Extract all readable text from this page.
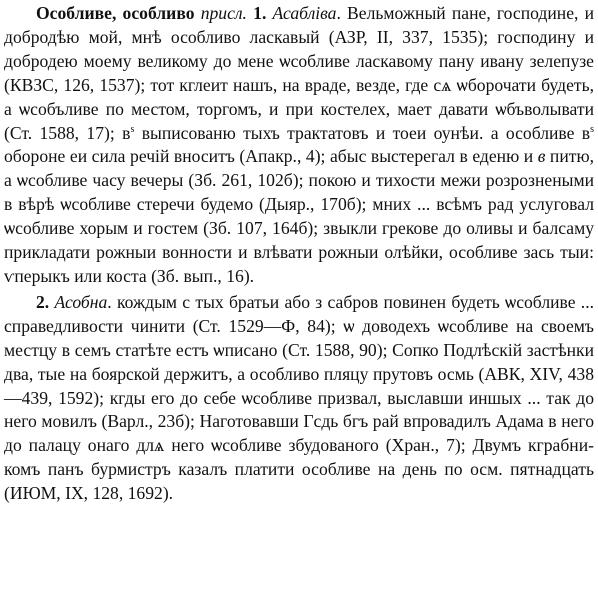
Особливе, особливо присл. 1. Асабліва. Вельможный пане, господине, и добродѣю мой, мнѣ особливо ласкавый (АЗР, II, 337, 1535); господину и добродею моему великому до мене ѡсобливе ласкавому пану ивану зелепузе (КВЗС, 126, 1537); тот кглеит нашъ, на враде, везде, где сѧ ѡборочати будеть, а ѡсобъливе по местом, торгомъ, и при костелех, мает давати ѡбъволывати (Ст. 1588, 17); $в^s$ выписованю тыхъ трактатовъ и тоеи оунѣи. а особливе $в^s$ обороне еи сила речій вноситъ (Апакр., 4); абыс выстерегал в еденю и в питю, а ѡсобливе часу вечеры (Зб. 261, 102б); покою и тихости межи розрознеными в вѣрѣ ѡсобливе стеречи будемо (Дыяр., 170б); мних ... всѣмъ рад услуговал ѡсобливе хорым и гостем (Зб. 107, 164б); звыкли грекове до оливы и балсаму прикладати рожныи вонности и влѣвати рожныи олѣйки, особливе зась тыи: ѵперыкъ или коста (Зб. вып., 16).

2. Асобна. кождым с тых братьи або з сабров повинен будеть ѡсобливе ... справедливости чинити (Ст. 1529—Ф, 84); ѡ доводехъ ѡсобливе на своемъ местцу в семъ статѣте естъ ѡписано (Ст. 1588, 90); Сопко Подлѣскій застѣнки два, тые на боярской держитъ, а особливо пляцу прутовъ осмь (АВК, XIV, 438—439, 1592); кгды его до себе ѡсобливе призвал, выславши иншых ... так до него мовилъ (Варл., 23б); Наготовавши Гсдь бгъ рай впровадилъ Адама в него до палацу онаго длѧ него ѡсобливе збудованого (Хран., 7); Двумъ кграбникомъ панъ бурмистръ казалъ платити особливе на день по осм. пятнадцать (ИЮМ, IX, 128, 1692).
